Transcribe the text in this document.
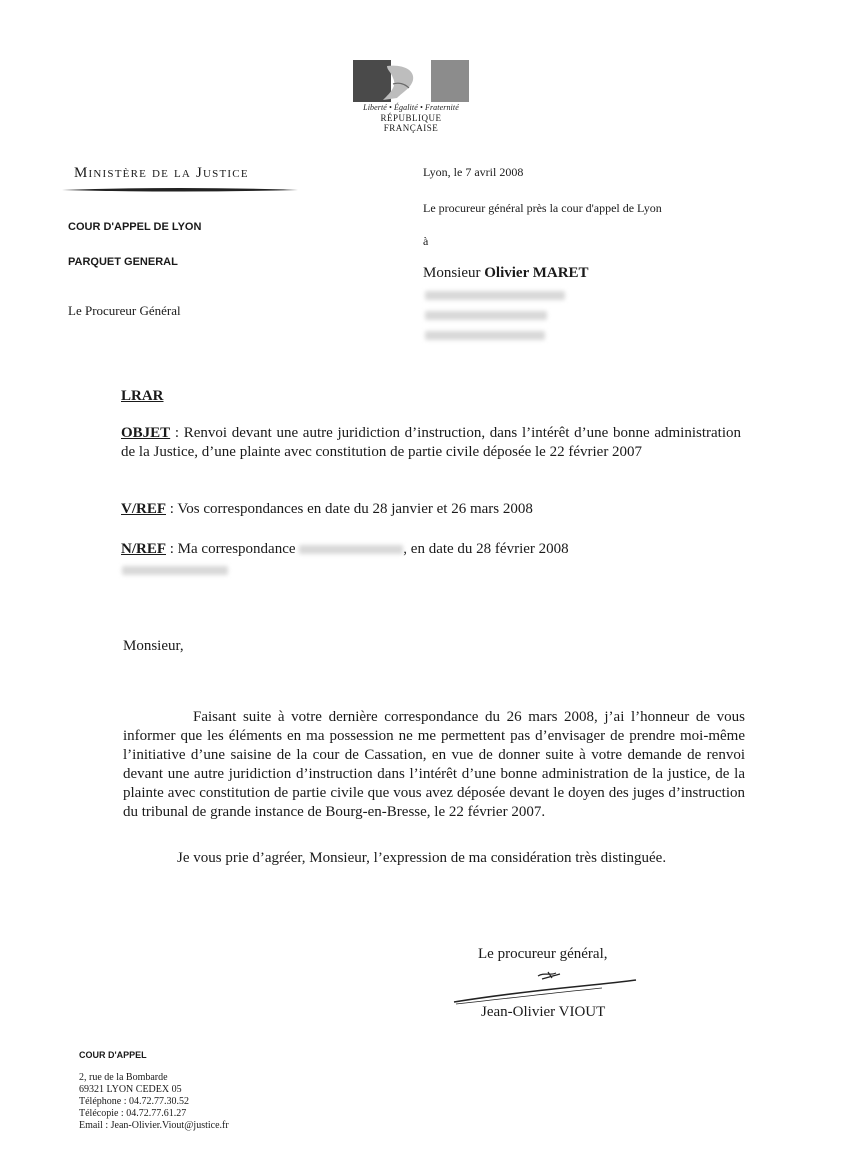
Liberté • Égalité • Fraternité
RÉPUBLIQUE FRANÇAISE
Ministère de la Justice
COUR D'APPEL DE LYON
PARQUET GENERAL
Le Procureur Général
Lyon, le 7 avril 2008
Le procureur général près la cour d'appel de Lyon
à
Monsieur Olivier MARET
LRAR
OBJET : Renvoi devant une autre juridiction d’instruction, dans l’intérêt d’une bonne administration de la Justice, d’une plainte avec constitution de partie civile déposée le 22 février 2007
V/REF : Vos correspondances en date du 28 janvier et 26 mars 2008
N/REF : Ma correspondance	, en date du 28 février 2008
Monsieur,
Faisant suite à votre dernière correspondance du 26 mars 2008, j’ai l’honneur de vous informer que les éléments en ma possession ne me permettent pas d’envisager de prendre moi-même l’initiative d’une saisine de la cour de Cassation, en vue de donner suite à votre demande de renvoi devant une autre juridiction d’instruction dans l’intérêt d’une bonne administration de la justice, de la plainte avec constitution de partie civile que vous avez déposée devant le doyen des juges d’instruction du tribunal de grande instance de Bourg-en-Bresse, le 22 février 2007.
Je vous prie d’agréer, Monsieur, l’expression de ma considération très distinguée.
Le procureur général,
Jean-Olivier VIOUT
COUR D'APPEL
2, rue de la Bombarde
69321 LYON CEDEX 05
Téléphone : 04.72.77.30.52
Télécopie : 04.72.77.61.27
Email : Jean-Olivier.Viout@justice.fr
